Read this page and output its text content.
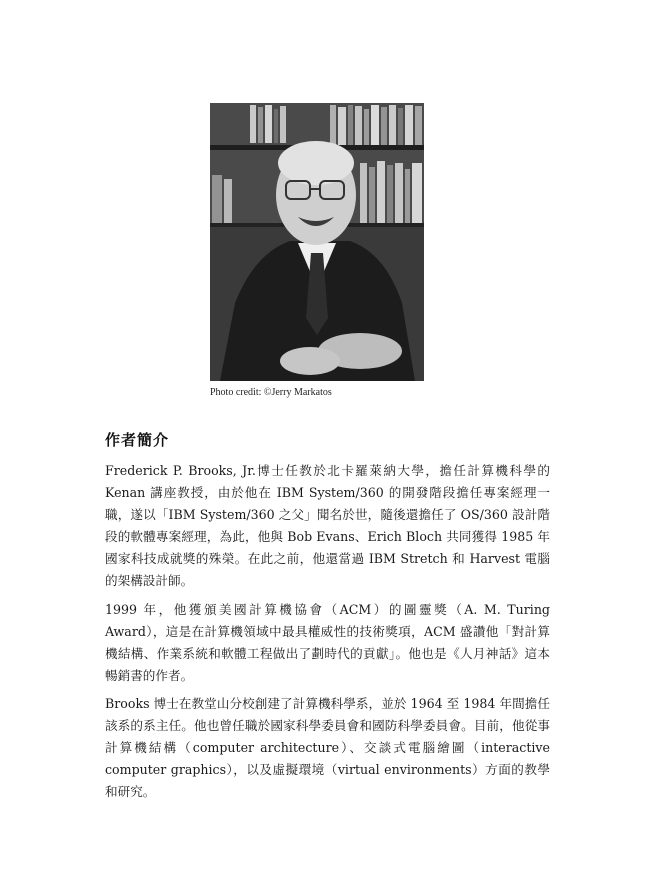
Photo credit: ©Jerry Markatos
作者簡介
Frederick P. Brooks, Jr.博士任教於北卡羅萊納大學，擔任計算機科學的 Kenan 講座教授，由於他在 IBM System/360 的開發階段擔任專案經理一職，遂以「IBM System/360 之父」聞名於世，隨後還擔任了 OS/360 設計階段的軟體專案經理，為此，他與 Bob Evans、Erich Bloch 共同獲得 1985 年國家科技成就獎的殊榮。在此之前，他還當過 IBM Stretch 和 Harvest 電腦的架構設計師。
1999 年，他獲頒美國計算機協會（ACM）的圖靈獎（A. M. Turing Award），這是在計算機領域中最具權威性的技術獎項，ACM 盛讚他「對計算機結構、作業系統和軟體工程做出了劃時代的貢獻」。他也是《人月神話》這本暢銷書的作者。
Brooks 博士在教堂山分校創建了計算機科學系，並於 1964 至 1984 年間擔任該系的系主任。他也曾任職於國家科學委員會和國防科學委員會。目前，他從事計算機結構（computer architecture）、交談式電腦繪圖（interactive computer graphics），以及虛擬環境（virtual environments）方面的教學和研究。
